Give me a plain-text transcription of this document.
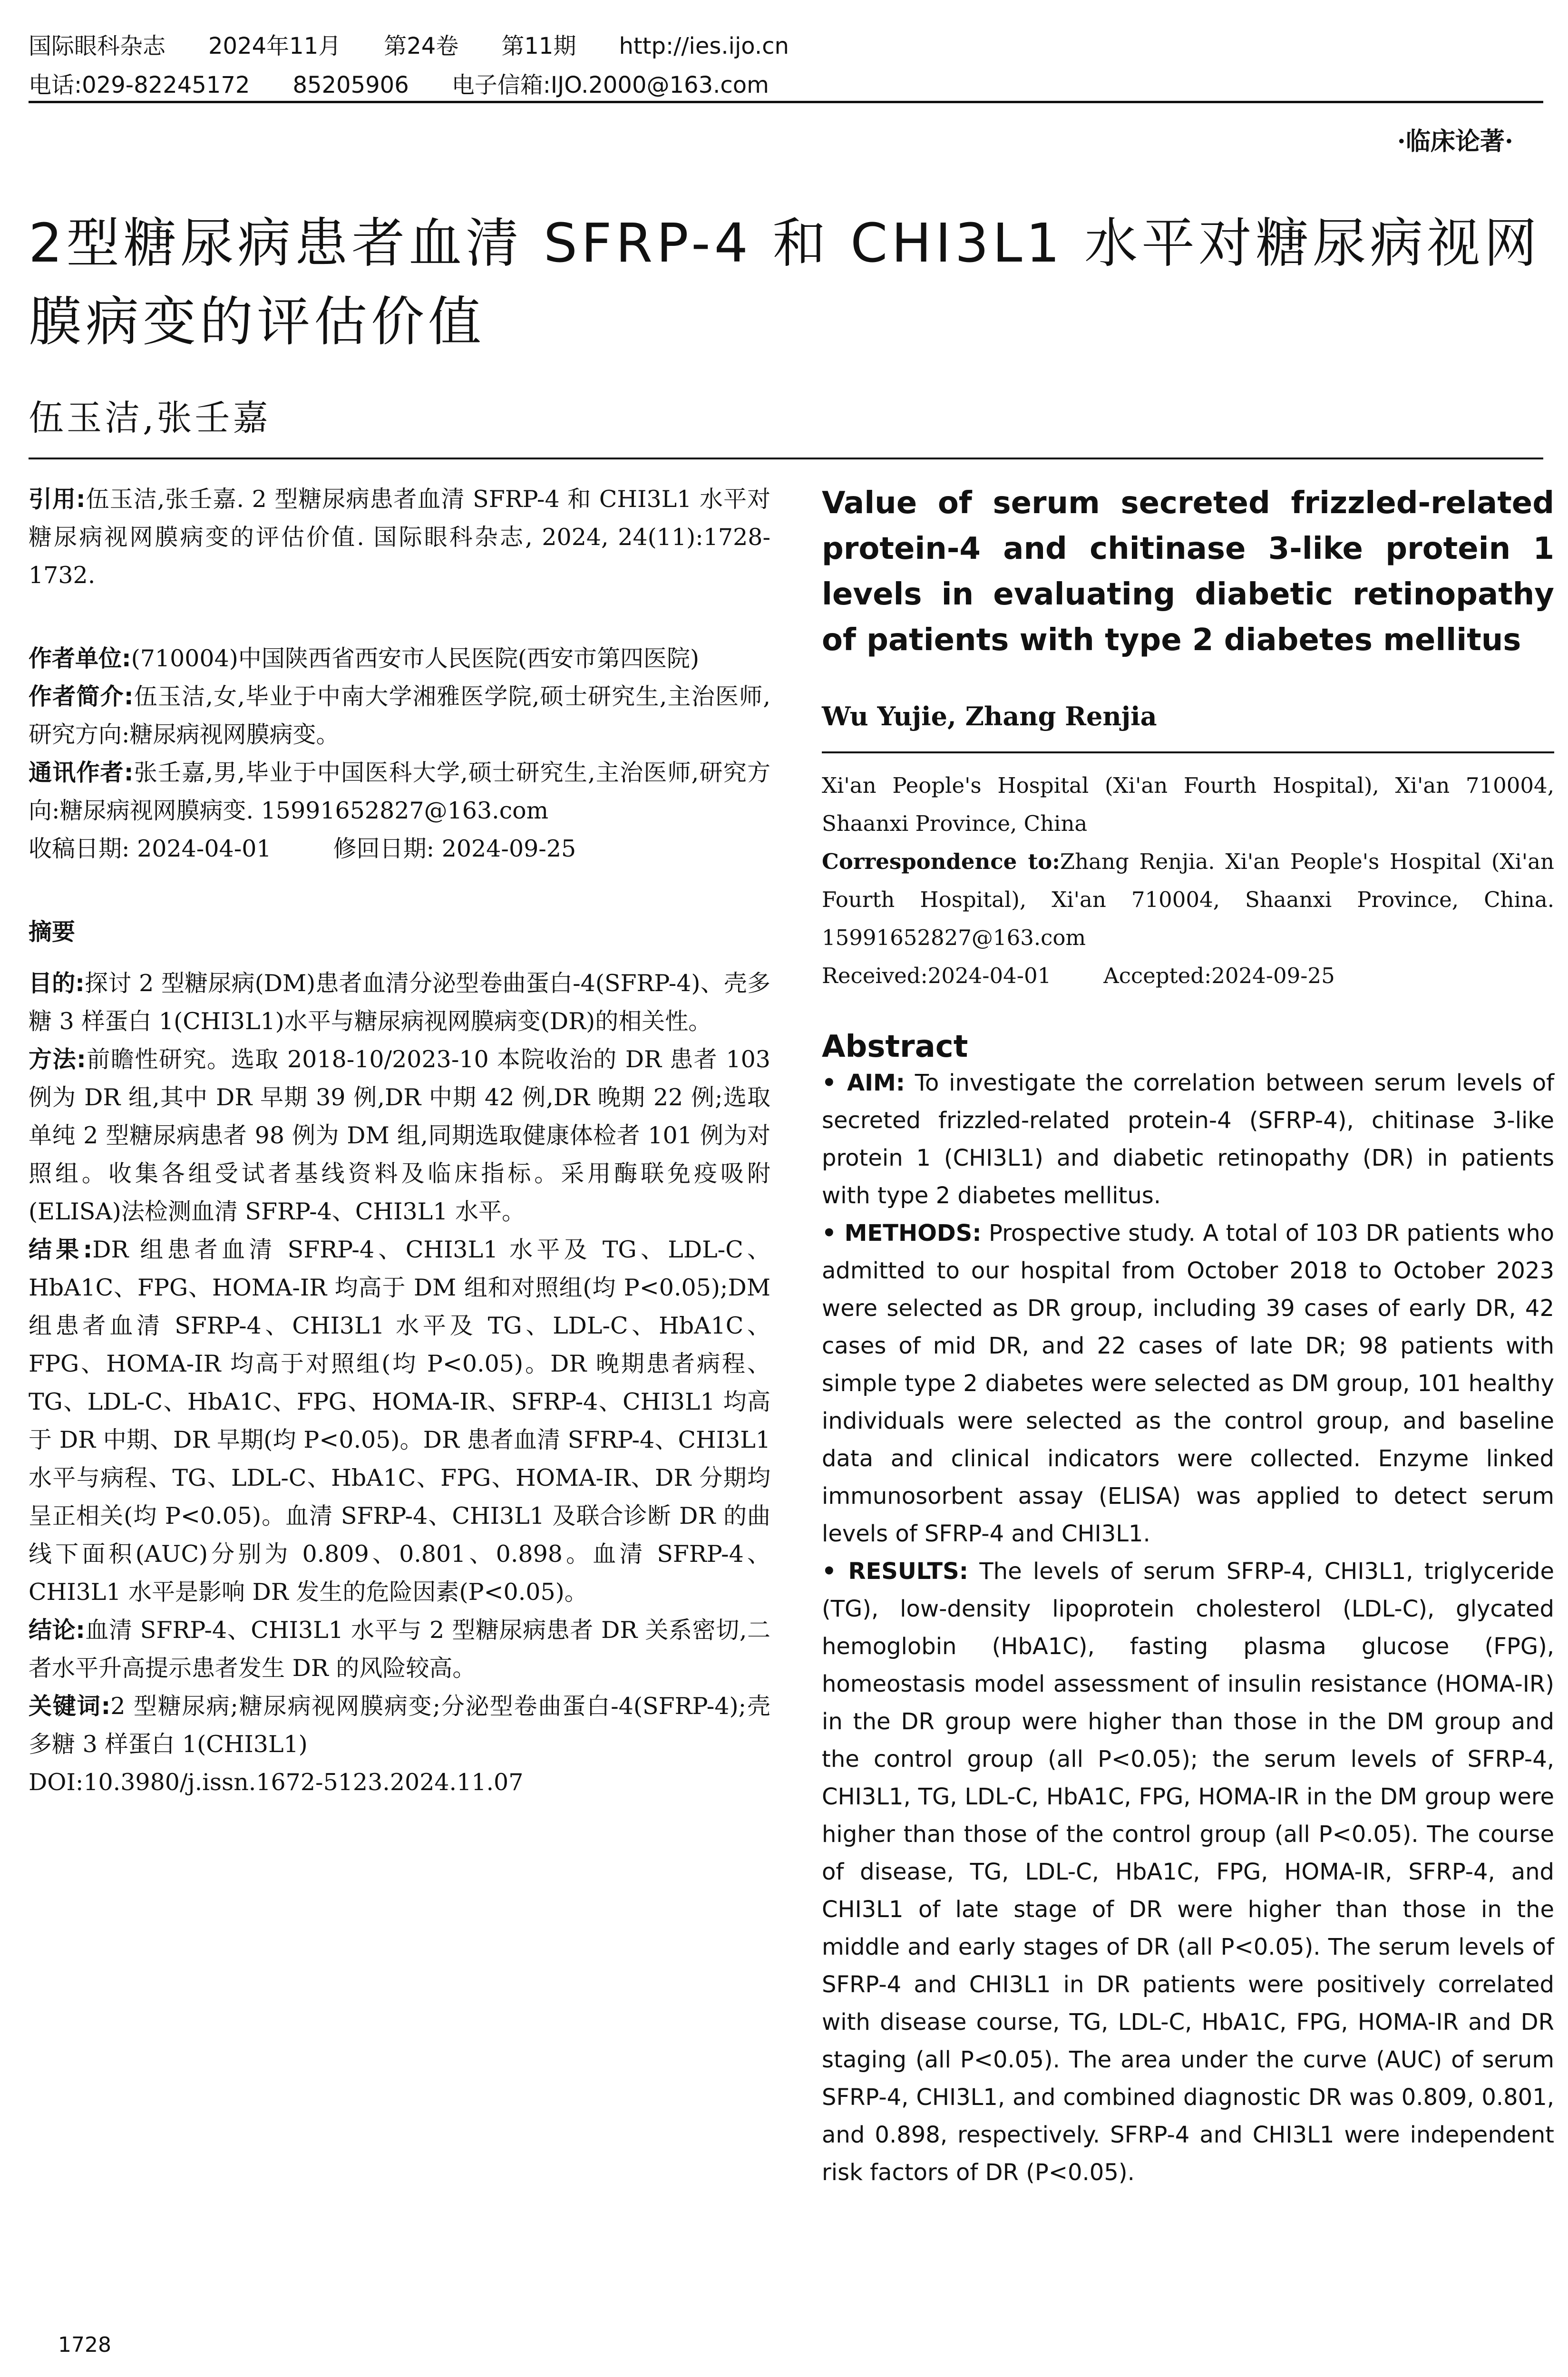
国际眼科杂志 2024年11月 第24卷 第11期 http://ies.ijo.cn
电话:029-82245172 85205906 电子信箱:IJO.2000@163.com
·临床论著·
2型糖尿病患者血清 SFRP-4 和 CHI3L1 水平对糖尿病视网膜病变的评估价值
伍玉洁,张壬嘉

引用:伍玉洁,张壬嘉. 2 型糖尿病患者血清 SFRP-4 和 CHI3L1 水平对糖尿病视网膜病变的评估价值. 国际眼科杂志, 2024, 24(11):1728-1732.

作者单位:(710004)中国陕西省西安市人民医院(西安市第四医院)

作者简介:伍玉洁,女,毕业于中南大学湘雅医学院,硕士研究生,主治医师,研究方向:糖尿病视网膜病变。

通讯作者:张壬嘉,男,毕业于中国医科大学,硕士研究生,主治医师,研究方向:糖尿病视网膜病变. 15991652827@163.com

收稿日期: 2024-04-01	修回日期: 2024-09-25

摘要

目的:探讨 2 型糖尿病(DM)患者血清分泌型卷曲蛋白-4(SFRP-4)、壳多糖 3 样蛋白 1(CHI3L1)水平与糖尿病视网膜病变(DR)的相关性。

方法:前瞻性研究。选取 2018-10/2023-10 本院收治的 DR 患者 103 例为 DR 组,其中 DR 早期 39 例,DR 中期 42 例,DR 晚期 22 例;选取单纯 2 型糖尿病患者 98 例为 DM 组,同期选取健康体检者 101 例为对照组。收集各组受试者基线资料及临床指标。采用酶联免疫吸附(ELISA)法检测血清 SFRP-4、CHI3L1 水平。

结果:DR 组患者血清 SFRP-4、CHI3L1 水平及 TG、LDL-C、HbA1C、FPG、HOMA-IR 均高于 DM 组和对照组(均 P<0.05);DM 组患者血清 SFRP-4、CHI3L1 水平及 TG、LDL-C、HbA1C、FPG、HOMA-IR 均高于对照组(均 P<0.05)。DR 晚期患者病程、TG、LDL-C、HbA1C、FPG、HOMA-IR、SFRP-4、CHI3L1 均高于 DR 中期、DR 早期(均 P<0.05)。DR 患者血清 SFRP-4、CHI3L1 水平与病程、TG、LDL-C、HbA1C、FPG、HOMA-IR、DR 分期均呈正相关(均 P<0.05)。血清 SFRP-4、CHI3L1 及联合诊断 DR 的曲线下面积(AUC)分别为 0.809、0.801、0.898。血清 SFRP-4、CHI3L1 水平是影响 DR 发生的危险因素(P<0.05)。

结论:血清 SFRP-4、CHI3L1 水平与 2 型糖尿病患者 DR 关系密切,二者水平升高提示患者发生 DR 的风险较高。

关键词:2 型糖尿病;糖尿病视网膜病变;分泌型卷曲蛋白-4(SFRP-4);壳多糖 3 样蛋白 1(CHI3L1)

DOI:10.3980/j.issn.1672-5123.2024.11.07

Value of serum secreted frizzled-related protein-4 and chitinase 3-like protein 1 levels in evaluating diabetic retinopathy of patients with type 2 diabetes mellitus

Wu Yujie, Zhang Renjia

Xi'an People's Hospital (Xi'an Fourth Hospital), Xi'an 710004, Shaanxi Province, China

Correspondence to:Zhang Renjia. Xi'an People's Hospital (Xi'an Fourth Hospital), Xi'an 710004, Shaanxi Province, China. 15991652827@163.com

Received:2024-04-01 Accepted:2024-09-25

Abstract

• AIM: To investigate the correlation between serum levels of secreted frizzled-related protein-4 (SFRP-4), chitinase 3-like protein 1 (CHI3L1) and diabetic retinopathy (DR) in patients with type 2 diabetes mellitus.

• METHODS: Prospective study. A total of 103 DR patients who admitted to our hospital from October 2018 to October 2023 were selected as DR group, including 39 cases of early DR, 42 cases of mid DR, and 22 cases of late DR; 98 patients with simple type 2 diabetes were selected as DM group, 101 healthy individuals were selected as the control group, and baseline data and clinical indicators were collected. Enzyme linked immunosorbent assay (ELISA) was applied to detect serum levels of SFRP-4 and CHI3L1.

• RESULTS: The levels of serum SFRP-4, CHI3L1, triglyceride (TG), low-density lipoprotein cholesterol (LDL-C), glycated hemoglobin (HbA1C), fasting plasma glucose (FPG), homeostasis model assessment of insulin resistance (HOMA-IR) in the DR group were higher than those in the DM group and the control group (all P<0.05); the serum levels of SFRP-4, CHI3L1, TG, LDL-C, HbA1C, FPG, HOMA-IR in the DM group were higher than those of the control group (all P<0.05). The course of disease, TG, LDL-C, HbA1C, FPG, HOMA-IR, SFRP-4, and CHI3L1 of late stage of DR were higher than those in the middle and early stages of DR (all P<0.05). The serum levels of SFRP-4 and CHI3L1 in DR patients were positively correlated with disease course, TG, LDL-C, HbA1C, FPG, HOMA-IR and DR staging (all P<0.05). The area under the curve (AUC) of serum SFRP-4, CHI3L1, and combined diagnostic DR was 0.809, 0.801, and 0.898, respectively. SFRP-4 and CHI3L1 were independent risk factors of DR (P<0.05).

1728
